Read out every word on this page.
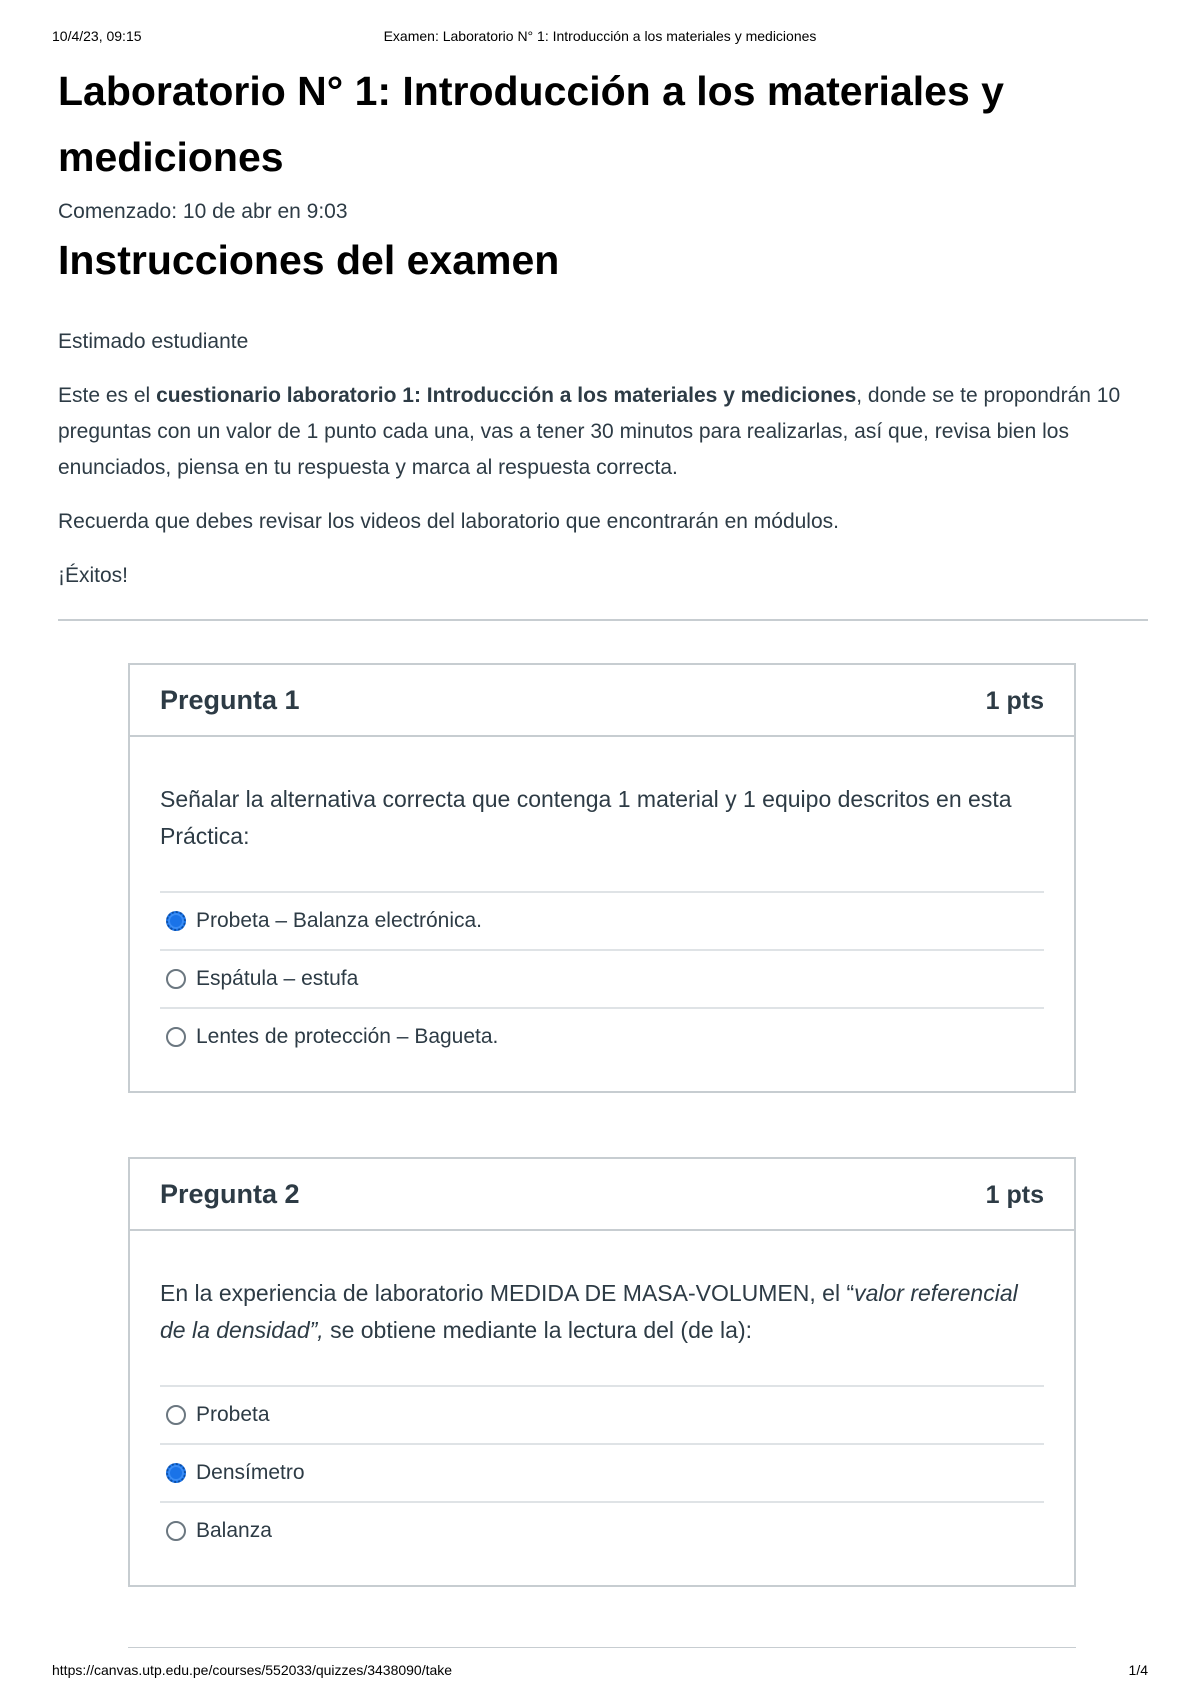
10/4/23, 09:15	Examen: Laboratorio N° 1: Introducción a los materiales y mediciones
Laboratorio N° 1: Introducción a los materiales y mediciones
Comenzado: 10 de abr en 9:03
Instrucciones del examen

Estimado estudiante

Este es el cuestionario laboratorio 1: Introducción a los materiales y mediciones, donde se te propondrán 10 preguntas con un valor de 1 punto cada una, vas a tener 30 minutos para realizarlas, así que, revisa bien los enunciados, piensa en tu respuesta y marca al respuesta correcta.

Recuerda que debes revisar los videos del laboratorio que encontrarán en módulos.

¡Éxitos!

Pregunta 1	1 pts

Señalar la alternativa correcta que contenga 1 material y 1 equipo descritos en esta Práctica:

Probeta – Balanza electrónica.
Espátula – estufa
Lentes de protección – Bagueta.
Pregunta 2	1 pts

En la experiencia de laboratorio MEDIDA DE MASA-VOLUMEN, el “valor referencial de la densidad”, se obtiene mediante la lectura del (de la):

Probeta
Densímetro
Balanza
https://canvas.utp.edu.pe/courses/552033/quizzes/3438090/take	1/4
